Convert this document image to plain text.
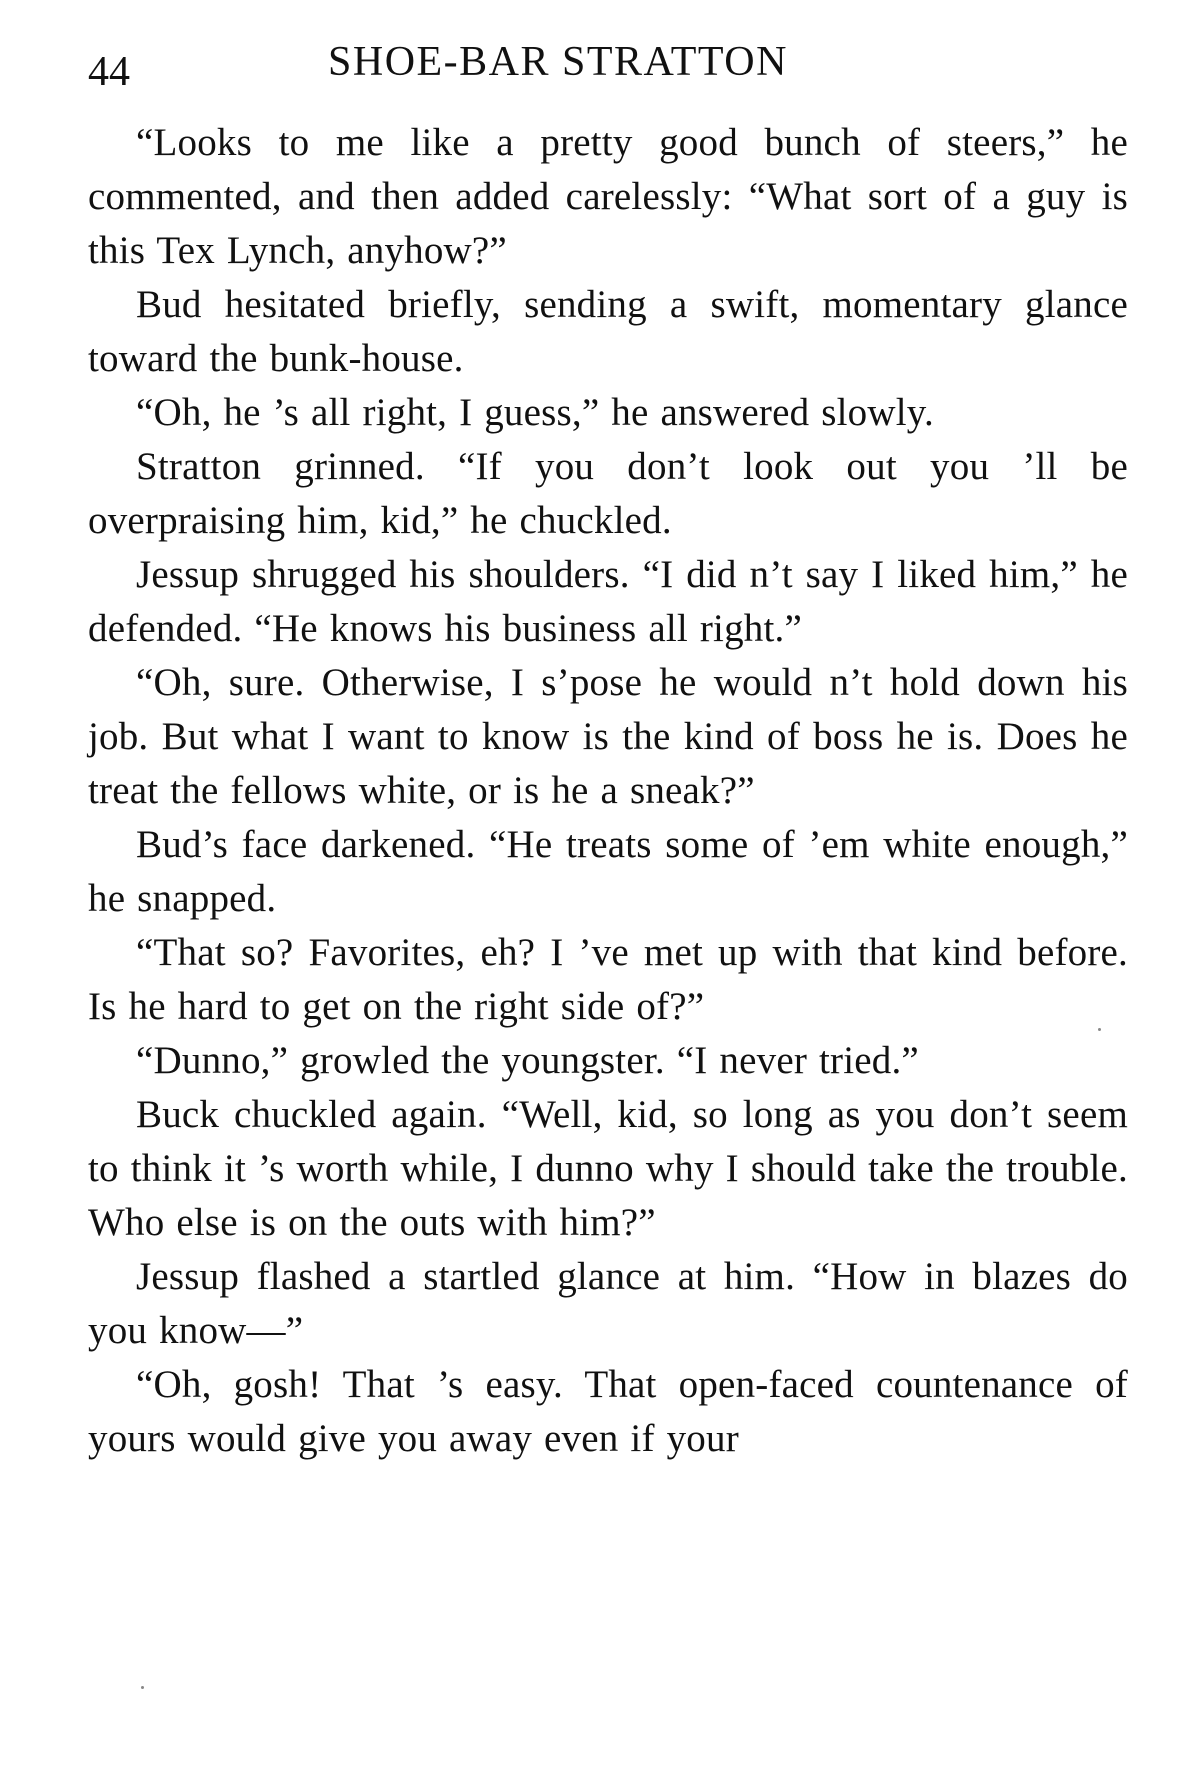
44	SHOE-BAR STRATTON

“Looks to me like a pretty good bunch of steers,” he commented, and then added carelessly: “What sort of a guy is this Tex Lynch, anyhow?”

Bud hesitated briefly, sending a swift, momentary glance toward the bunk-house.

“Oh, he ’s all right, I guess,” he answered slowly.

Stratton grinned. “If you don’t look out you ’ll be overpraising him, kid,” he chuckled.

Jessup shrugged his shoulders. “I did n’t say I liked him,” he defended. “He knows his business all right.”

“Oh, sure. Otherwise, I s’pose he would n’t hold down his job. But what I want to know is the kind of boss he is. Does he treat the fellows white, or is he a sneak?”

Bud’s face darkened. “He treats some of ’em white enough,” he snapped.

“That so? Favorites, eh? I ’ve met up with that kind before. Is he hard to get on the right side of?”

“Dunno,” growled the youngster. “I never tried.”

Buck chuckled again. “Well, kid, so long as you don’t seem to think it ’s worth while, I dunno why I should take the trouble. Who else is on the outs with him?”

Jessup flashed a startled glance at him. “How in blazes do you know—”

“Oh, gosh! That ’s easy. That open-faced countenance of yours would give you away even if your
